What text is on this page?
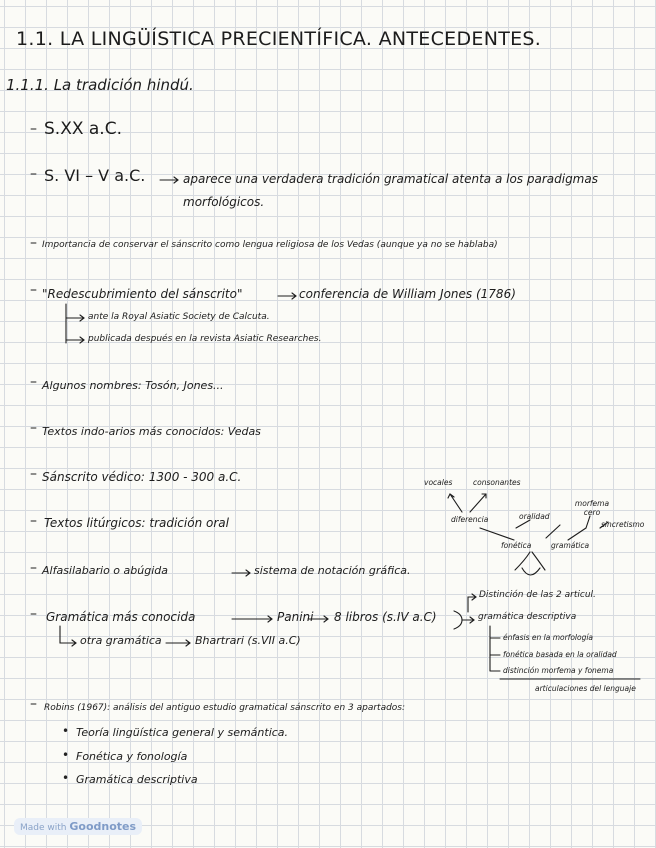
1.1. LA LINGÜÍSTICA PRECIENTÍFICA. ANTECEDENTES.
1.1.1. La tradición hindú.
–
–
–
–
–
–
–
–
–
–
–
S.XX a.C.
S. VI – V a.C.	aparece una verdadera tradición gramatical atenta a los paradigmas
morfológicos.
Importancia de conservar el sánscrito como lengua religiosa de los Vedas (aunque ya no se hablaba)
"Redescubrimiento del sánscrito"	conferencia de William Jones (1786)
ante la Royal Asiatic Society de Calcuta.
publicada después en la revista Asiatic Researches.
Algunos nombres: Tosón, Jones...
Textos indo-arios más conocidos: Vedas
Sánscrito védico: 1300 - 300 a.C.
Textos litúrgicos: tradición oral
Alfasilabario o abúgida	sistema de notación gráfica.
Gramática más conocida	Panini 8 libros (s.IV a.C)
otra gramática	Bhartrari (s.VII a.C)
Robins (1967): análisis del antiguo estudio gramatical sánscrito en 3 apartados:
• Teoría lingüística general y semántica.
• Fonética y fonología
• Gramática descriptiva
vocales	consonantes
diferencia	oralidad
morfema cero
sincretismo
fonética	gramática
Distinción de las 2 articul.
gramática descriptiva
énfasis en la morfología
fonética basada en la oralidad
distinción morfema y fonema
articulaciones del lenguaje
Made with Goodnotes
